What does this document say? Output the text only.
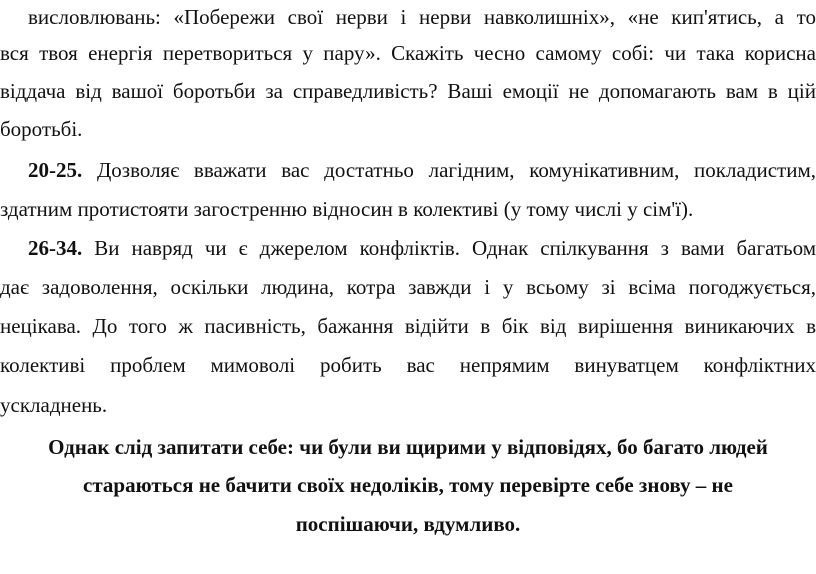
висловлювань: «Побережи свої нерви і нерви навколишніх», «не кип'ятись, а то
вся твоя енергія перетвориться у пару». Скажіть чесно самому собі: чи така корисна
віддача від вашої боротьби за справедливість? Ваші емоції не допомагають вам в цій
боротьбі.
20-25. Дозволяє вважати вас достатньо лагідним, комунікативним, покладистим,
здатним протистояти загостренню відносин в колективі (у тому числі у сім'ї).
26-34. Ви навряд чи є джерелом конфліктів. Однак спілкування з вами багатьом
дає задоволення, оскільки людина, котра завжди і у всьому зі всіма погоджується,
нецікава. До того ж пасивність, бажання відійти в бік від вирішення виникаючих в
колективі проблем мимоволі робить вас непрямим винуватцем конфліктних
ускладнень.
Однак слід запитати себе: чи були ви щирими у відповідях, бо багато людей
стараються не бачити своїх недоліків, тому перевірте себе знову – не
поспішаючи, вдумливо.
